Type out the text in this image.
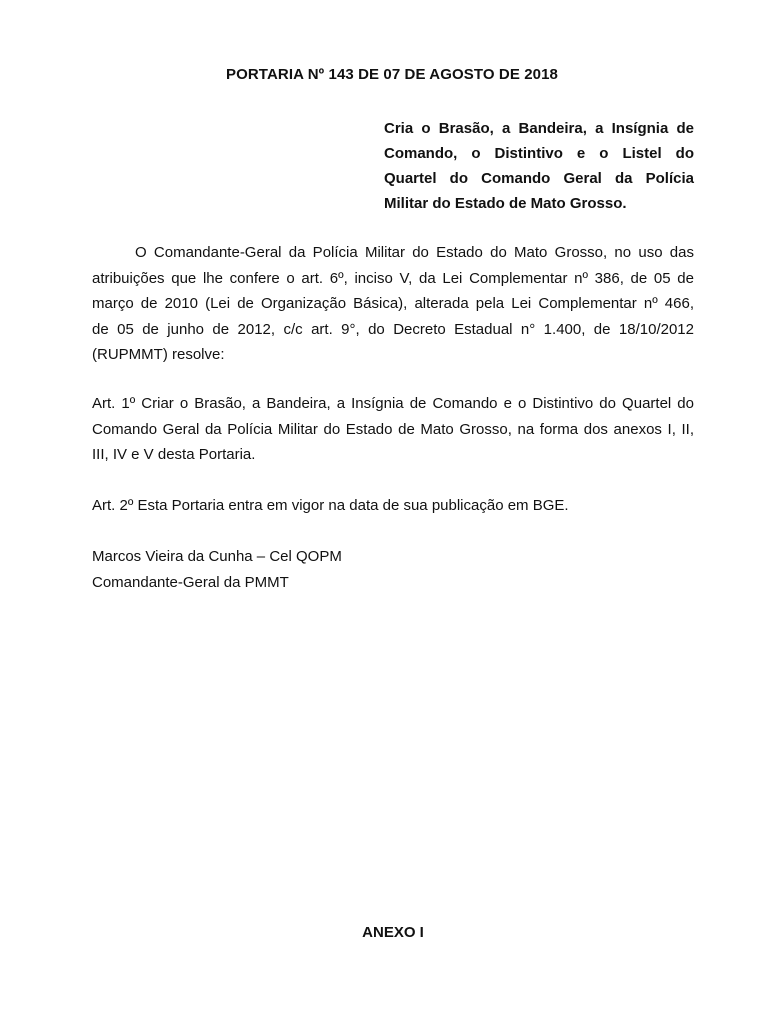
PORTARIA Nº 143 DE 07 DE AGOSTO DE 2018
Cria o Brasão, a Bandeira, a Insígnia de
Comando, o Distintivo e o Listel do
Quartel do Comando Geral da Polícia
Militar do Estado de Mato Grosso.
O Comandante-Geral da Polícia Militar do Estado do Mato Grosso, no uso das
atribuições que lhe confere o art. 6º, inciso V, da Lei Complementar nº 386, de 05 de
março de 2010 (Lei de Organização Básica), alterada pela Lei Complementar nº 466,
de 05 de junho de 2012, c/c art. 9°, do Decreto Estadual n° 1.400, de 18/10/2012
(RUPMMT) resolve:
Art. 1º Criar o Brasão, a Bandeira, a Insígnia de Comando e o Distintivo do Quartel do
Comando Geral da Polícia Militar do Estado de Mato Grosso, na forma dos anexos I, II,
III, IV e V desta Portaria.
Art. 2º Esta Portaria entra em vigor na data de sua publicação em BGE.
Marcos Vieira da Cunha – Cel QOPM
Comandante-Geral da PMMT
ANEXO I
